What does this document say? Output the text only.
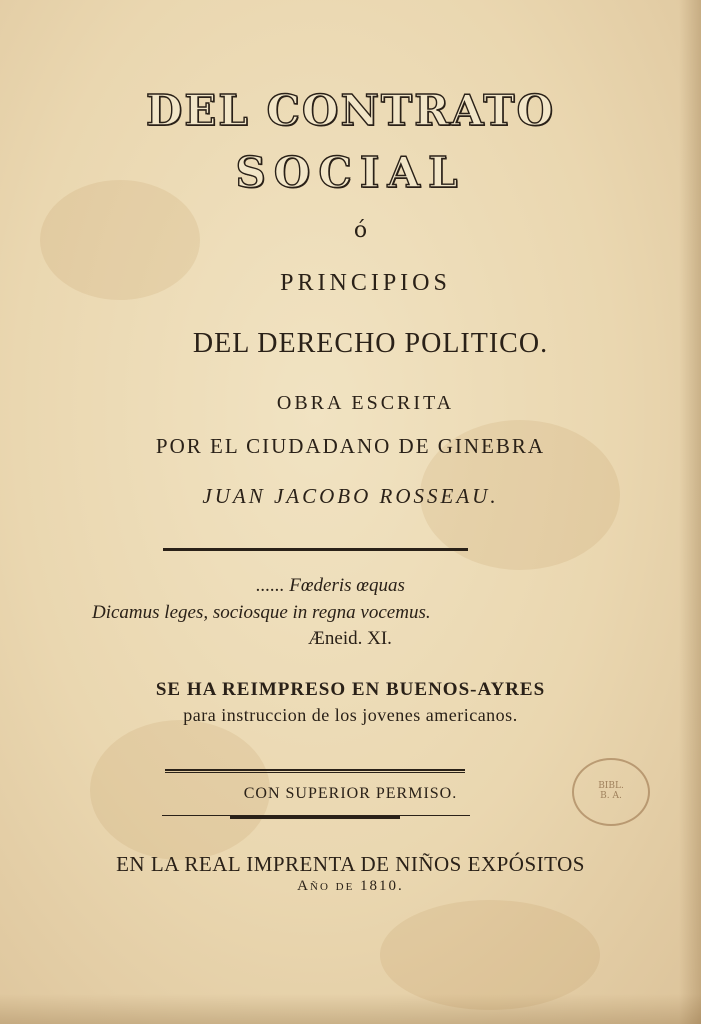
DEL CONTRATO
SOCIAL
ó
PRINCIPIOS
DEL DERECHO POLITICO.
OBRA ESCRITA
POR EL CIUDADANO DE GINEBRA
JUAN JACOBO ROSSEAU.
...... Fœderis œquas
Dicamus leges, sociosque in regna vocemus.
Æneid. XI.
SE HA REIMPRESO EN BUENOS-AYRES
para instruccion de los jovenes americanos.
CON SUPERIOR PERMISO.
EN LA REAL IMPRENTA DE NIÑOS EXPÓSITOS
Año de 1810.
BIBL.
B. A.
